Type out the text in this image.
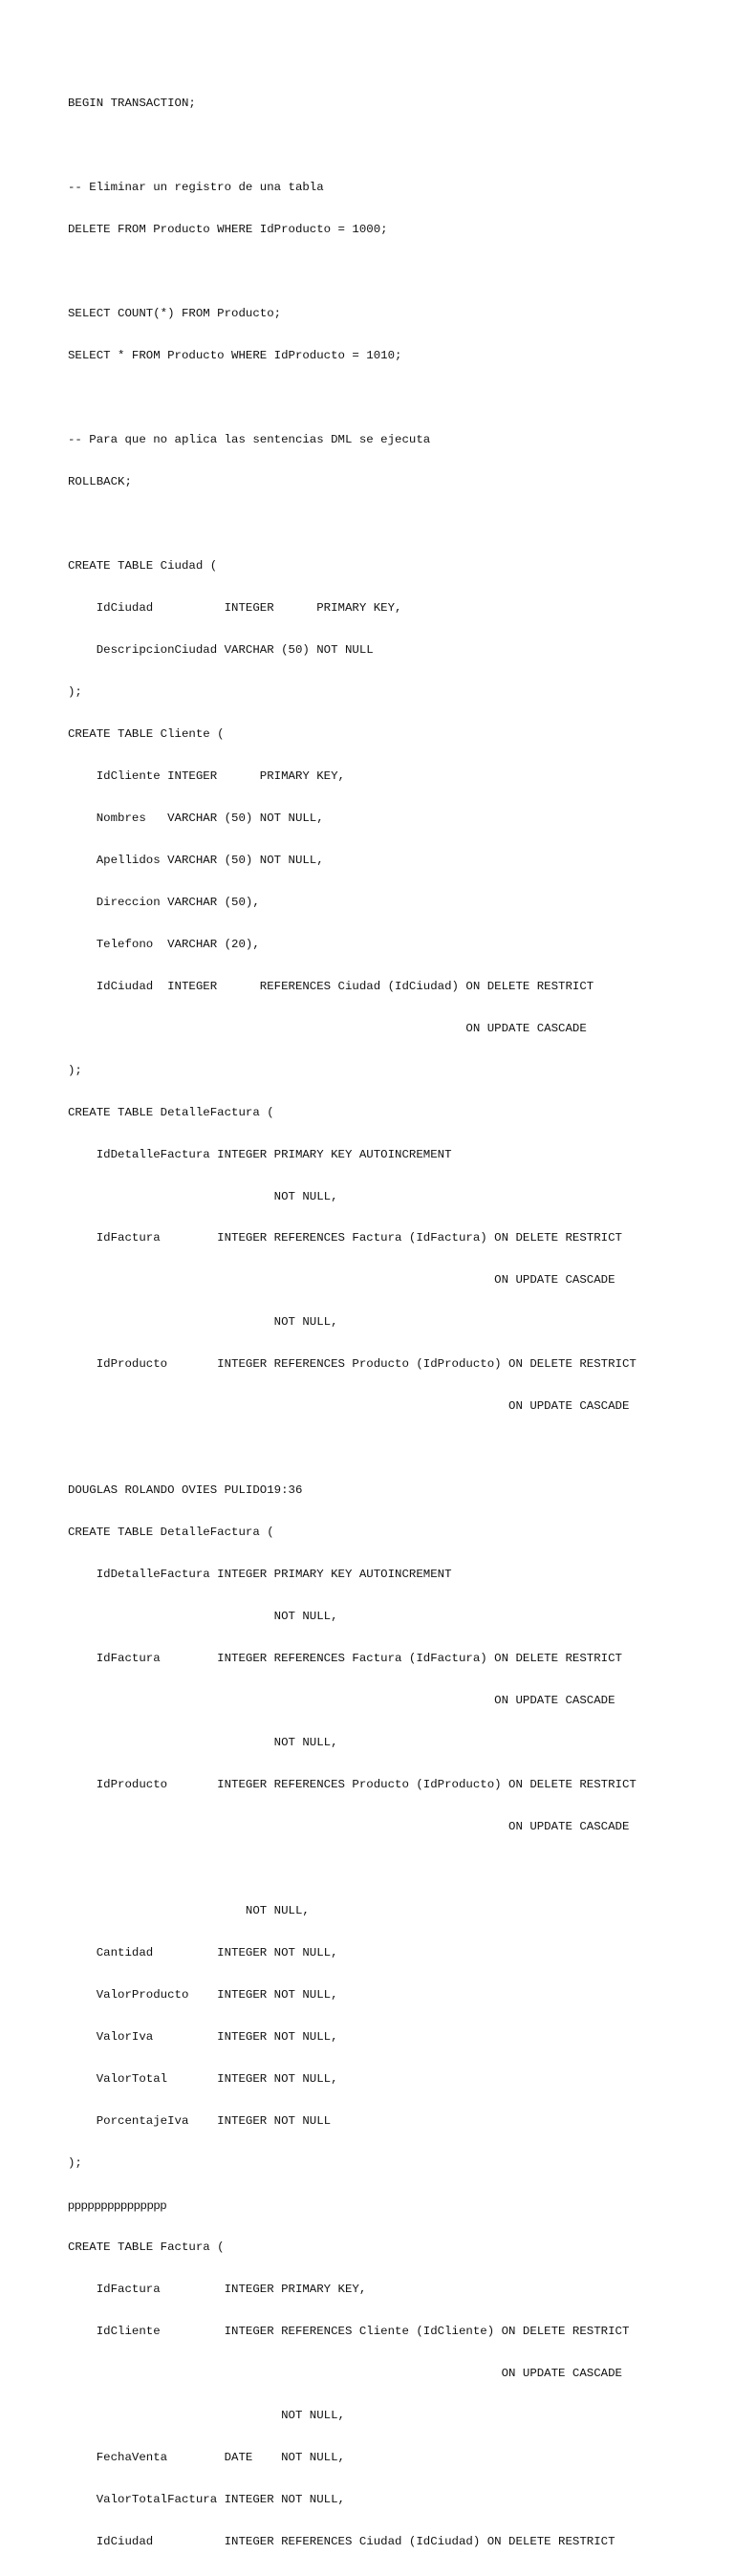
BEGIN TRANSACTION;

-- Eliminar un registro de una tabla

DELETE FROM Producto WHERE IdProducto = 1000;

SELECT COUNT(*) FROM Producto;

SELECT * FROM Producto WHERE IdProducto = 1010;

-- Para que no aplica las sentencias DML se ejecuta

ROLLBACK;

CREATE TABLE Ciudad (

IdCiudad          INTEGER      PRIMARY KEY,

DescripcionCiudad VARCHAR (50) NOT NULL

);

CREATE TABLE Cliente (

IdCliente INTEGER      PRIMARY KEY,

Nombres   VARCHAR (50) NOT NULL,

Apellidos VARCHAR (50) NOT NULL,

Direccion VARCHAR (50),

Telefono  VARCHAR (20),

IdCiudad  INTEGER      REFERENCES Ciudad (IdCiudad) ON DELETE RESTRICT

ON UPDATE CASCADE

);

CREATE TABLE DetalleFactura (

IdDetalleFactura INTEGER PRIMARY KEY AUTOINCREMENT

NOT NULL,

IdFactura        INTEGER REFERENCES Factura (IdFactura) ON DELETE RESTRICT

ON UPDATE CASCADE

NOT NULL,

IdProducto       INTEGER REFERENCES Producto (IdProducto) ON DELETE RESTRICT

ON UPDATE CASCADE

DOUGLAS ROLANDO OVIES PULIDO19:36

CREATE TABLE DetalleFactura (

IdDetalleFactura INTEGER PRIMARY KEY AUTOINCREMENT

NOT NULL,

IdFactura        INTEGER REFERENCES Factura (IdFactura) ON DELETE RESTRICT

ON UPDATE CASCADE

NOT NULL,

IdProducto       INTEGER REFERENCES Producto (IdProducto) ON DELETE RESTRICT

ON UPDATE CASCADE

NOT NULL,

Cantidad         INTEGER NOT NULL,

ValorProducto    INTEGER NOT NULL,

ValorIva         INTEGER NOT NULL,

ValorTotal       INTEGER NOT NULL,

PorcentajeIva    INTEGER NOT NULL

);

ppppppppppppppp

CREATE TABLE Factura (

IdFactura         INTEGER PRIMARY KEY,

IdCliente         INTEGER REFERENCES Cliente (IdCliente) ON DELETE RESTRICT

ON UPDATE CASCADE

NOT NULL,

FechaVenta        DATE    NOT NULL,

ValorTotalFactura INTEGER NOT NULL,

IdCiudad          INTEGER REFERENCES Ciudad (IdCiudad) ON DELETE RESTRICT
